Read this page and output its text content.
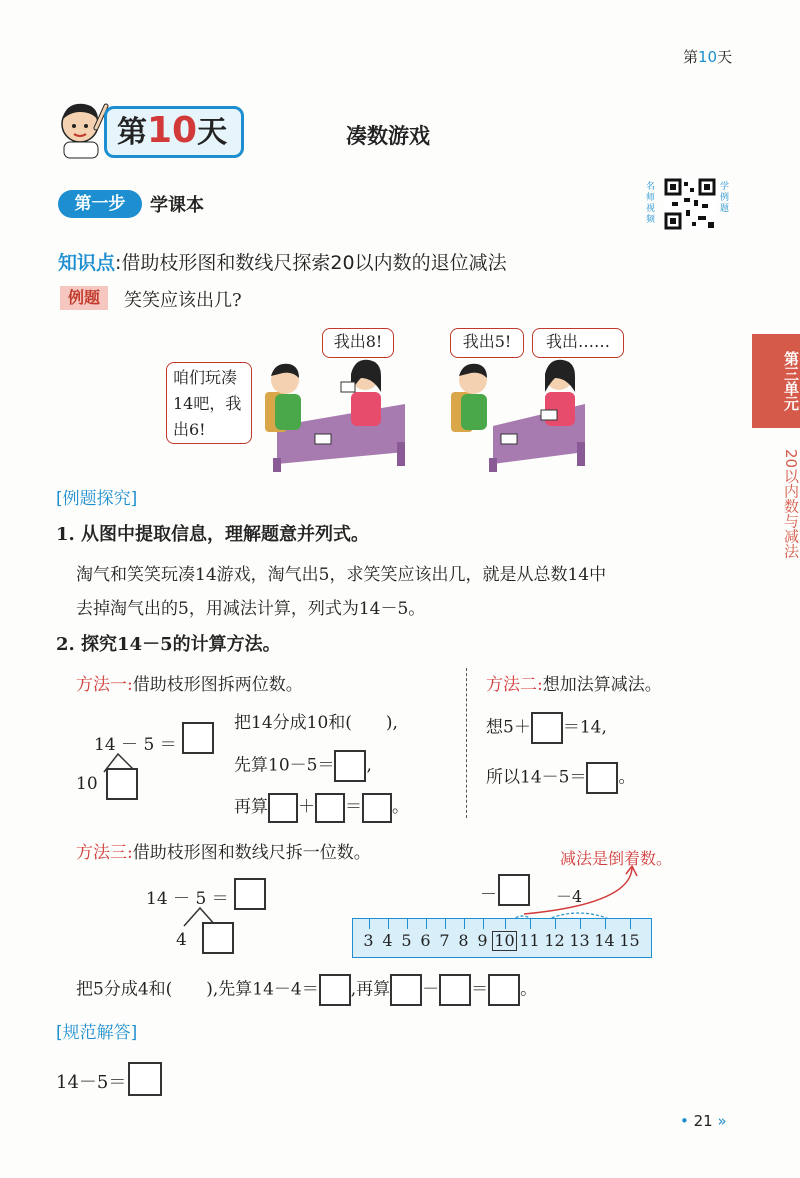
第10天
第10天	凑数游戏
第一步	学课本
名师视频
学例题
知识点:借助枝形图和数线尺探索20以内数的退位减法
例题	笑笑应该出几?
咱们玩凑14吧，我出6!
我出8!	我出5!	我出……
第三单元
20以内数与减法
[例题探究]
1. 从图中提取信息，理解题意并列式。
淘气和笑笑玩凑14游戏，淘气出5，求笑笑应该出几，就是从总数14中
去掉淘气出的5，用减法计算，列式为14－5。
2. 探究14－5的计算方法。
方法一:借助枝形图拆两位数。
14 － 5 ＝
10
把14分成10和(　　),
先算10－5＝ ,
再算 ＋ ＝ 。
方法二:想加法算减法。
想5＋ ＝14,
所以14－5＝ 。
方法三:借助枝形图和数线尺拆一位数。
14 － 5 ＝
4
减法是倒着数。
－	－4
3 4 5 6 7 8 9 10 11 12 13 14 15
把5分成4和(　　),先算14－4＝ ,再算 － ＝ 。
[规范解答]
14－5＝
• 21 »
